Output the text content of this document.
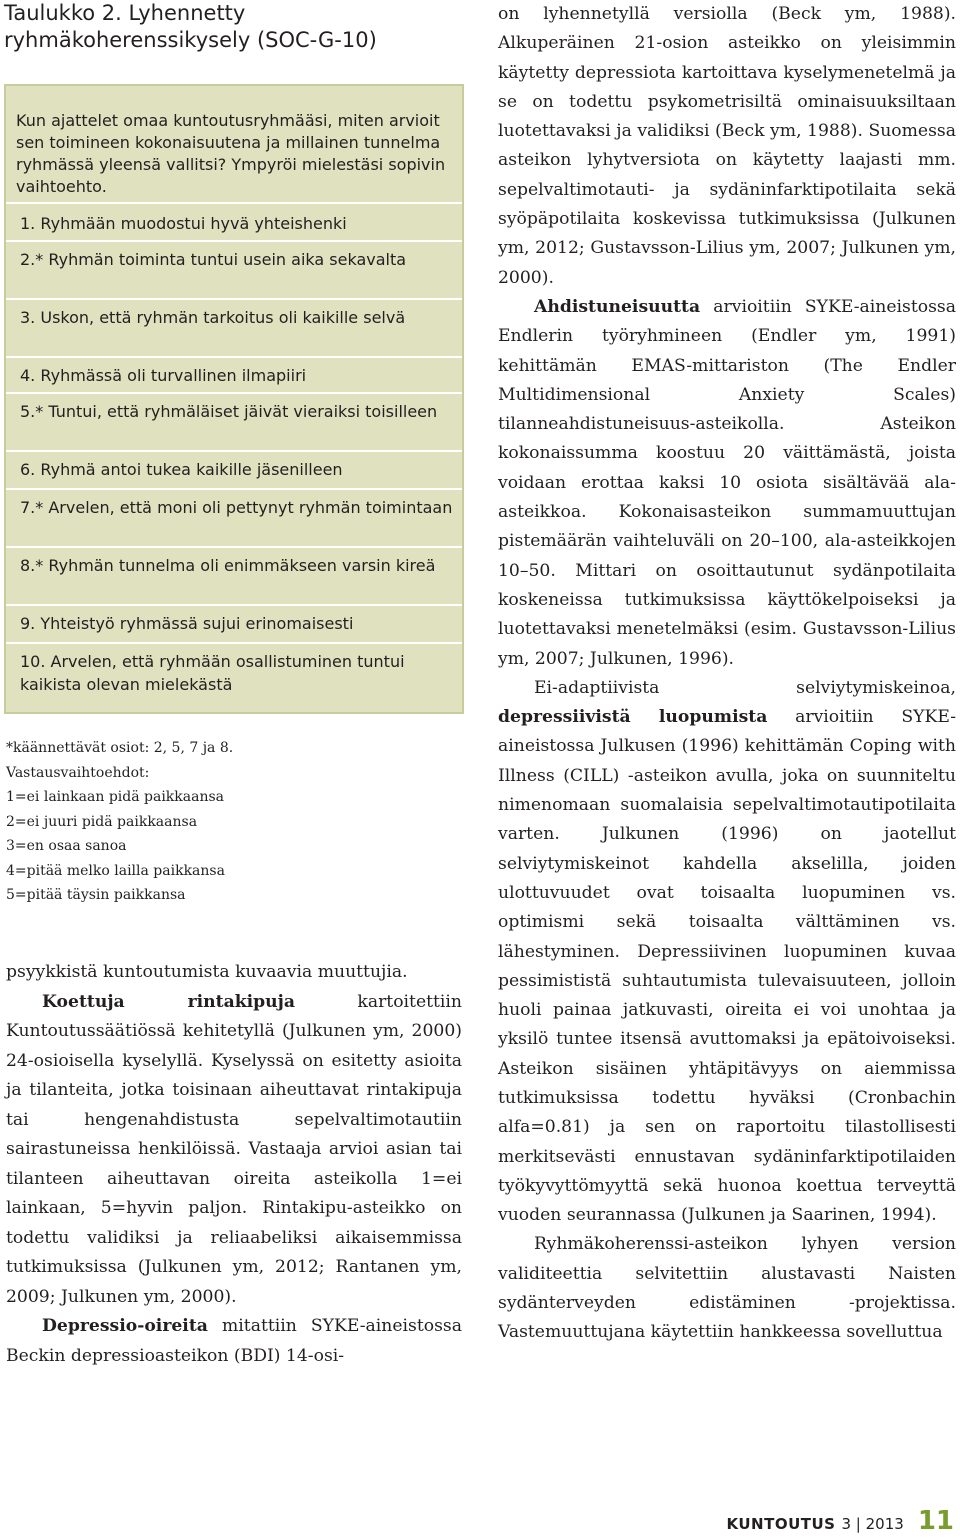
Taulukko 2. Lyhennetty ryhmäkoherenssikysely (SOC-G-10)
Kun ajattelet omaa kuntoutusryhmääsi, miten arvioit sen toimineen kokonaisuutena ja millainen tunnelma ryhmässä yleensä vallitsi? Ympyröi mielestäsi sopivin vaihtoehto.
1. Ryhmään muodostui hyvä yhteishenki
2.* Ryhmän toiminta tuntui usein aika sekavalta
3. Uskon, että ryhmän tarkoitus oli kaikille selvä
4. Ryhmässä oli turvallinen ilmapiiri
5.* Tuntui, että ryhmäläiset jäivät vieraiksi toisilleen
6. Ryhmä antoi tukea kaikille jäsenilleen
7.* Arvelen, että moni oli pettynyt ryhmän toimintaan
8.* Ryhmän tunnelma oli enimmäkseen varsin kireä
9. Yhteistyö ryhmässä sujui erinomaisesti
10. Arvelen, että ryhmään osallistuminen tuntui kaikista olevan mielekästä
*käännettävät osiot: 2, 5, 7 ja 8.
Vastausvaihtoehdot:
1=ei lainkaan pidä paikkaansa
2=ei juuri pidä paikkaansa
3=en osaa sanoa
4=pitää melko lailla paikkansa
5=pitää täysin paikkansa

psyykkistä kuntoutumista kuvaavia muuttujia.

Koettuja rintakipuja kartoitettiin Kuntoutussäätiössä kehitetyllä (Julkunen ym, 2000) 24-osioisella kyselyllä. Kyselyssä on esitetty asioita ja tilanteita, jotka toisinaan aiheuttavat rintakipuja tai hengenahdistusta sepelvaltimotautiin sairastuneissa henkilöissä. Vastaaja arvioi asian tai tilanteen aiheuttavan oireita asteikolla 1=ei lainkaan, 5=hyvin paljon. Rintakipu-asteikko on todettu validiksi ja reliaabeliksi aikaisemmissa tutkimuksissa (Julkunen ym, 2012; Rantanen ym, 2009; Julkunen ym, 2000).

Depressio-oireita mitattiin SYKE-aineistossa Beckin depressioasteikon (BDI) 14-osi-

on lyhennetyllä versiolla (Beck ym, 1988). Alkuperäinen 21-osion asteikko on yleisimmin käytetty depressiota kartoittava kyselymenetelmä ja se on todettu psykometrisiltä ominaisuuksiltaan luotettavaksi ja validiksi (Beck ym, 1988). Suomessa asteikon lyhytversiota on käytetty laajasti mm. sepelvaltimotauti- ja sydäninfarktipotilaita sekä syöpäpotilaita koskevissa tutkimuksissa (Julkunen ym, 2012; Gustavsson-Lilius ym, 2007; Julkunen ym, 2000).

Ahdistuneisuutta arvioitiin SYKE-aineistossa Endlerin työryhmineen (Endler ym, 1991) kehittämän EMAS-mittariston (The Endler Multidimensional Anxiety Scales) tilanneahdistuneisuus-asteikolla. Asteikon kokonaissumma koostuu 20 väittämästä, joista voidaan erottaa kaksi 10 osiota sisältävää ala-asteikkoa. Kokonaisasteikon summamuuttujan pistemäärän vaihteluväli on 20–100, ala-asteikkojen 10–50. Mittari on osoittautunut sydänpotilaita koskeneissa tutkimuksissa käyttökelpoiseksi ja luotettavaksi menetelmäksi (esim. Gustavsson-Lilius ym, 2007; Julkunen, 1996).

Ei-adaptiivista selviytymiskeinoa, depressiivistä luopumista arvioitiin SYKE-aineistossa Julkusen (1996) kehittämän Coping with Illness (CILL) -asteikon avulla, joka on suunniteltu nimenomaan suomalaisia sepelvaltimotautipotilaita varten. Julkunen (1996) on jaotellut selviytymiskeinot kahdella akselilla, joiden ulottuvuudet ovat toisaalta luopuminen vs. optimismi sekä toisaalta välttäminen vs. lähestyminen. Depressiivinen luopuminen kuvaa pessimististä suhtautumista tulevaisuuteen, jolloin huoli painaa jatkuvasti, oireita ei voi unohtaa ja yksilö tuntee itsensä avuttomaksi ja epätoivoiseksi. Asteikon sisäinen yhtäpitävyys on aiemmissa tutkimuksissa todettu hyväksi (Cronbachin alfa=0.81) ja sen on raportoitu tilastollisesti merkitsevästi ennustavan sydäninfarktipotilaiden työkyvyttömyyttä sekä huonoa koettua terveyttä vuoden seurannassa (Julkunen ja Saarinen, 1994).

Ryhmäkoherenssi-asteikon lyhyen version validiteettia selvitettiin alustavasti Naisten sydänterveyden edistäminen -projektissa. Vastemuuttujana käytettiin hankkeessa sovelluttua

KUNTOUTUS 3 | 2013 11
